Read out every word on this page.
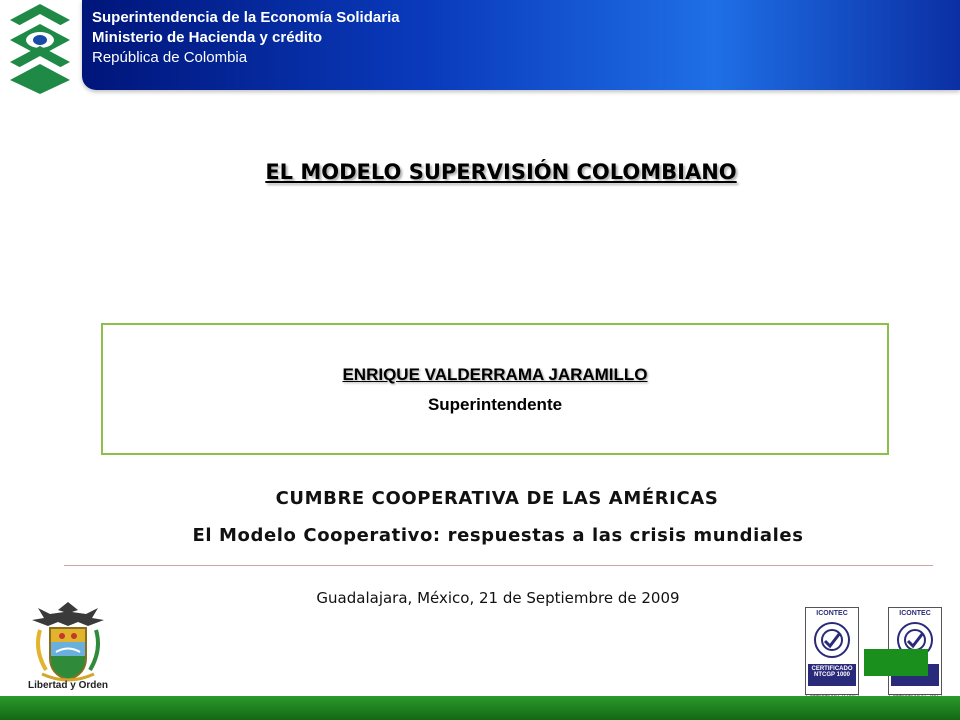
Superintendencia de la Economía Solidaria
Ministerio de Hacienda y crédito
República de Colombia
EL MODELO SUPERVISIÓN COLOMBIANO
ENRIQUE VALDERRAMA JARAMILLO
Superintendente
CUMBRE COOPERATIVA DE LAS AMÉRICAS
El Modelo Cooperativo: respuestas a las crisis mundiales
Guadalajara, México, 21 de Septiembre de 2009
Libertad y Orden
ICONTEC
CERTIFICADO NTCGP 1000
ICONTEC
